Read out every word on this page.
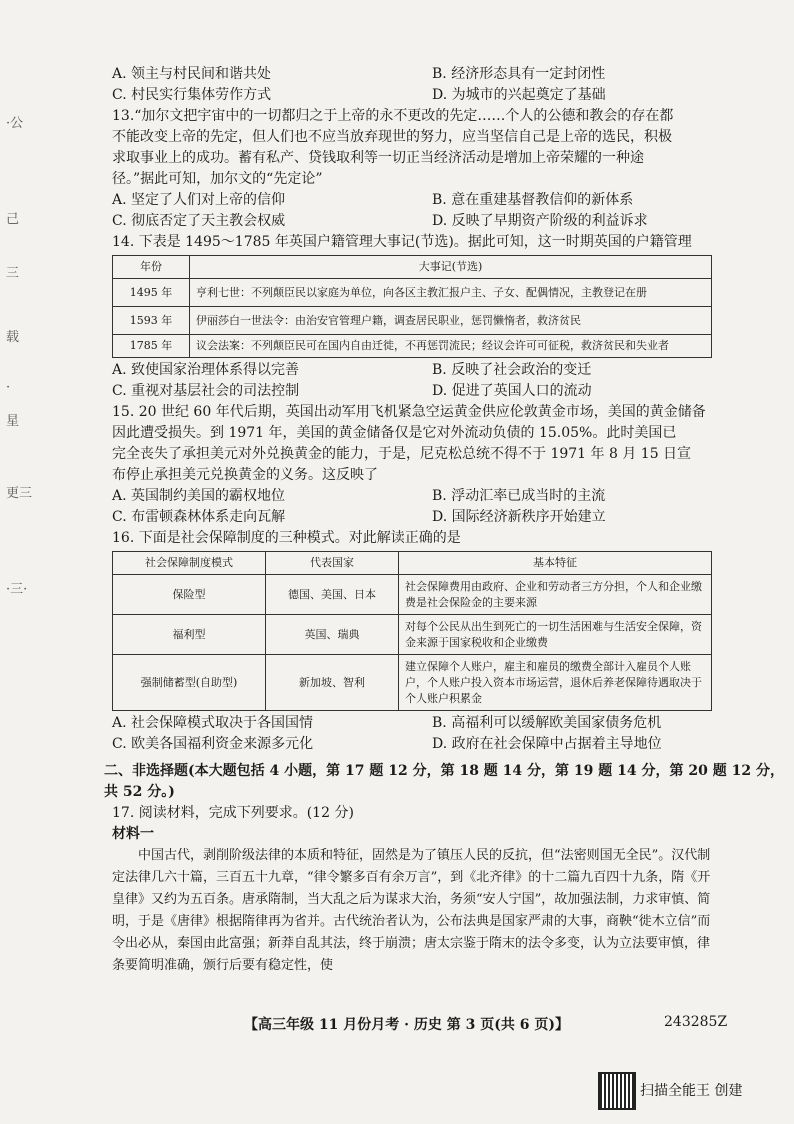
·公
己
三
载
·
星
更三
·三·
A. 领主与村民间和谐共处	B. 经济形态具有一定封闭性
C. 村民实行集体劳作方式	D. 为城市的兴起奠定了基础

13.“加尔文把宇宙中的一切都归之于上帝的永不更改的先定……个人的公德和教会的存在都

不能改变上帝的先定，但人们也不应当放弃现世的努力，应当坚信自己是上帝的选民，积极

求取事业上的成功。蓄有私产、贷钱取利等一切正当经济活动是增加上帝荣耀的一种途

径。”据此可知，加尔文的“先定论”

A. 坚定了人们对上帝的信仰	B. 意在重建基督教信仰的新体系
C. 彻底否定了天主教会权威	D. 反映了早期资产阶级的利益诉求

14. 下表是 1495～1785 年英国户籍管理大事记(节选)。据此可知，这一时期英国的户籍管理

年份	大事记(节选)
1495 年	亨利七世：不列颠臣民以家庭为单位，向各区主教汇报户主、子女、配偶情况，主教登记在册
1593 年	伊丽莎白一世法令：由治安官管理户籍，调查居民职业，惩罚懒惰者，救济贫民
1785 年	议会法案：不列颠臣民可在国内自由迁徙，不再惩罚流民；经议会许可可征税，救济贫民和失业者
A. 致使国家治理体系得以完善	B. 反映了社会政治的变迁
C. 重视对基层社会的司法控制	D. 促进了英国人口的流动

15. 20 世纪 60 年代后期，英国出动军用飞机紧急空运黄金供应伦敦黄金市场，美国的黄金储备

因此遭受损失。到 1971 年，美国的黄金储备仅是它对外流动负债的 15.05%。此时美国已

完全丧失了承担美元对外兑换黄金的能力，于是，尼克松总统不得不于 1971 年 8 月 15 日宣

布停止承担美元兑换黄金的义务。这反映了

A. 英国制约美国的霸权地位	B. 浮动汇率已成当时的主流
C. 布雷顿森林体系走向瓦解	D. 国际经济新秩序开始建立

16. 下面是社会保障制度的三种模式。对此解读正确的是

社会保障制度模式	代表国家	基本特征
保险型	德国、美国、日本	社会保障费用由政府、企业和劳动者三方分担，个人和企业缴费是社会保险金的主要来源
福利型	英国、瑞典	对每个公民从出生到死亡的一切生活困难与生活安全保障，资金来源于国家税收和企业缴费
强制储蓄型(自助型)	新加坡、智利	建立保障个人账户，雇主和雇员的缴费全部计入雇员个人账户，个人账户投入资本市场运营，退休后养老保障待遇取决于个人账户积累金
A. 社会保障模式取决于各国国情	B. 高福利可以缓解欧美国家债务危机
C. 欧美各国福利资金来源多元化	D. 政府在社会保障中占据着主导地位
二、非选择题(本大题包括 4 小题，第 17 题 12 分，第 18 题 14 分，第 19 题 14 分，第 20 题 12 分，
共 52 分。)

17. 阅读材料，完成下列要求。(12 分)

材料一

中国古代，剥削阶级法律的本质和特征，固然是为了镇压人民的反抗，但“法密则国无全民”。汉代制定法律几六十篇，三百五十九章，“律令繁多百有余万言”，到《北齐律》的十二篇九百四十九条，隋《开皇律》又约为五百条。唐承隋制，当大乱之后为谋求大治，务须“安人宁国”，故加强法制，力求审慎、简明，于是《唐律》根据隋律再为省并。古代统治者认为，公布法典是国家严肃的大事，商鞅“徙木立信”而令出必从，秦国由此富强；新莽自乱其法，终于崩溃；唐太宗鉴于隋末的法令多变，认为立法要审慎，律条要简明准确，颁行后要有稳定性，使

【高三年级 11 月份月考 · 历史 第 3 页(共 6 页)】	243285Z
扫描全能王 创建
